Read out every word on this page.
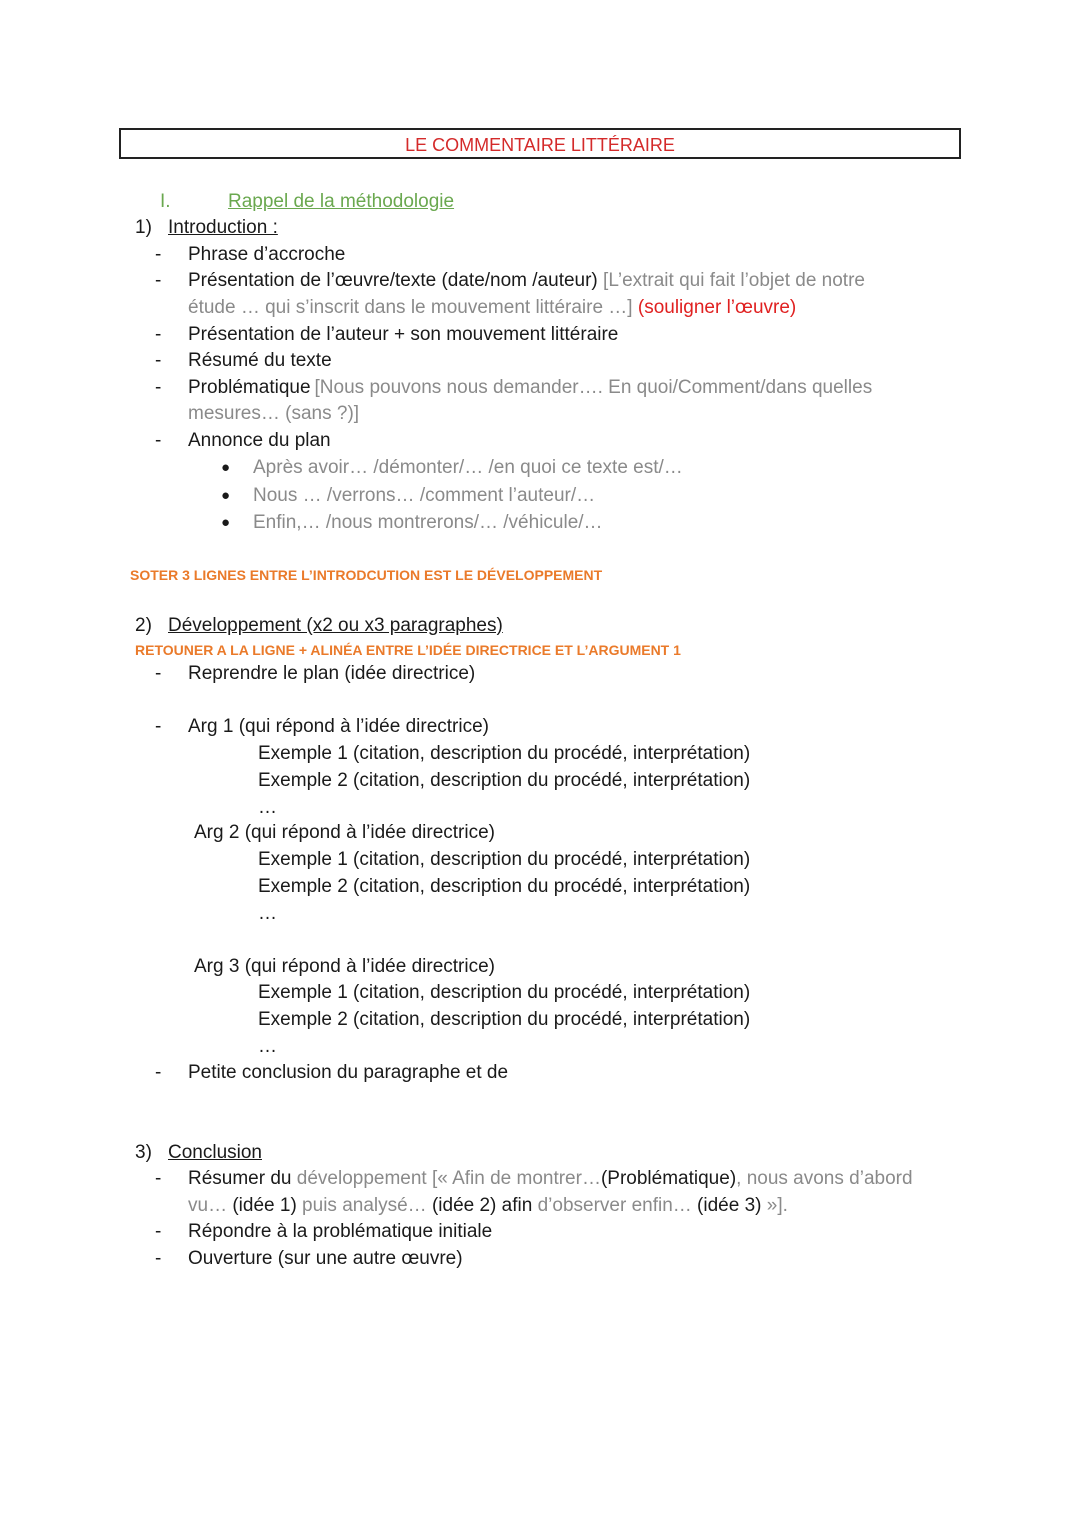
LE COMMENTAIRE LITTÉRAIRE
I.	Rappel de la méthodologie
1) Introduction :
- Phrase d’accroche
- Présentation de l’œuvre/texte (date/nom /auteur) [L’extrait qui fait l’objet de notre
étude … qui s’inscrit dans le mouvement littéraire …] (souligner l’œuvre)
- Présentation de l’auteur + son mouvement littéraire
- Résumé du texte
- Problématique [Nous pouvons nous demander…. En quoi/Comment/dans quelles
mesures… (sans ?)]
- Annonce du plan
● Après avoir… /démonter/… /en quoi ce texte est/…
● Nous … /verrons… /comment l’auteur/…
● Enfin,… /nous montrerons/… /véhicule/…
SOTER 3 LIGNES ENTRE L’INTRODCUTION EST LE DÉVELOPPEMENT
2) Développement (x2 ou x3 paragraphes)
RETOUNER A LA LIGNE + ALINÉA ENTRE L’IDÉE DIRECTRICE ET L’ARGUMENT 1
- Reprendre le plan (idée directrice)
- Arg 1 (qui répond à l’idée directrice)
Exemple 1 (citation, description du procédé, interprétation)
Exemple 2 (citation, description du procédé, interprétation)
…
Arg 2 (qui répond à l’idée directrice)
Exemple 1 (citation, description du procédé, interprétation)
Exemple 2 (citation, description du procédé, interprétation)
…
Arg 3 (qui répond à l’idée directrice)
Exemple 1 (citation, description du procédé, interprétation)
Exemple 2 (citation, description du procédé, interprétation)
…
- Petite conclusion du paragraphe et de
3) Conclusion
- Résumer du développement [« Afin de montrer…(Problématique), nous avons d’abord
vu… (idée 1) puis analysé… (idée 2) afin d’observer enfin… (idée 3) »].
- Répondre à la problématique initiale
- Ouverture (sur une autre œuvre)
